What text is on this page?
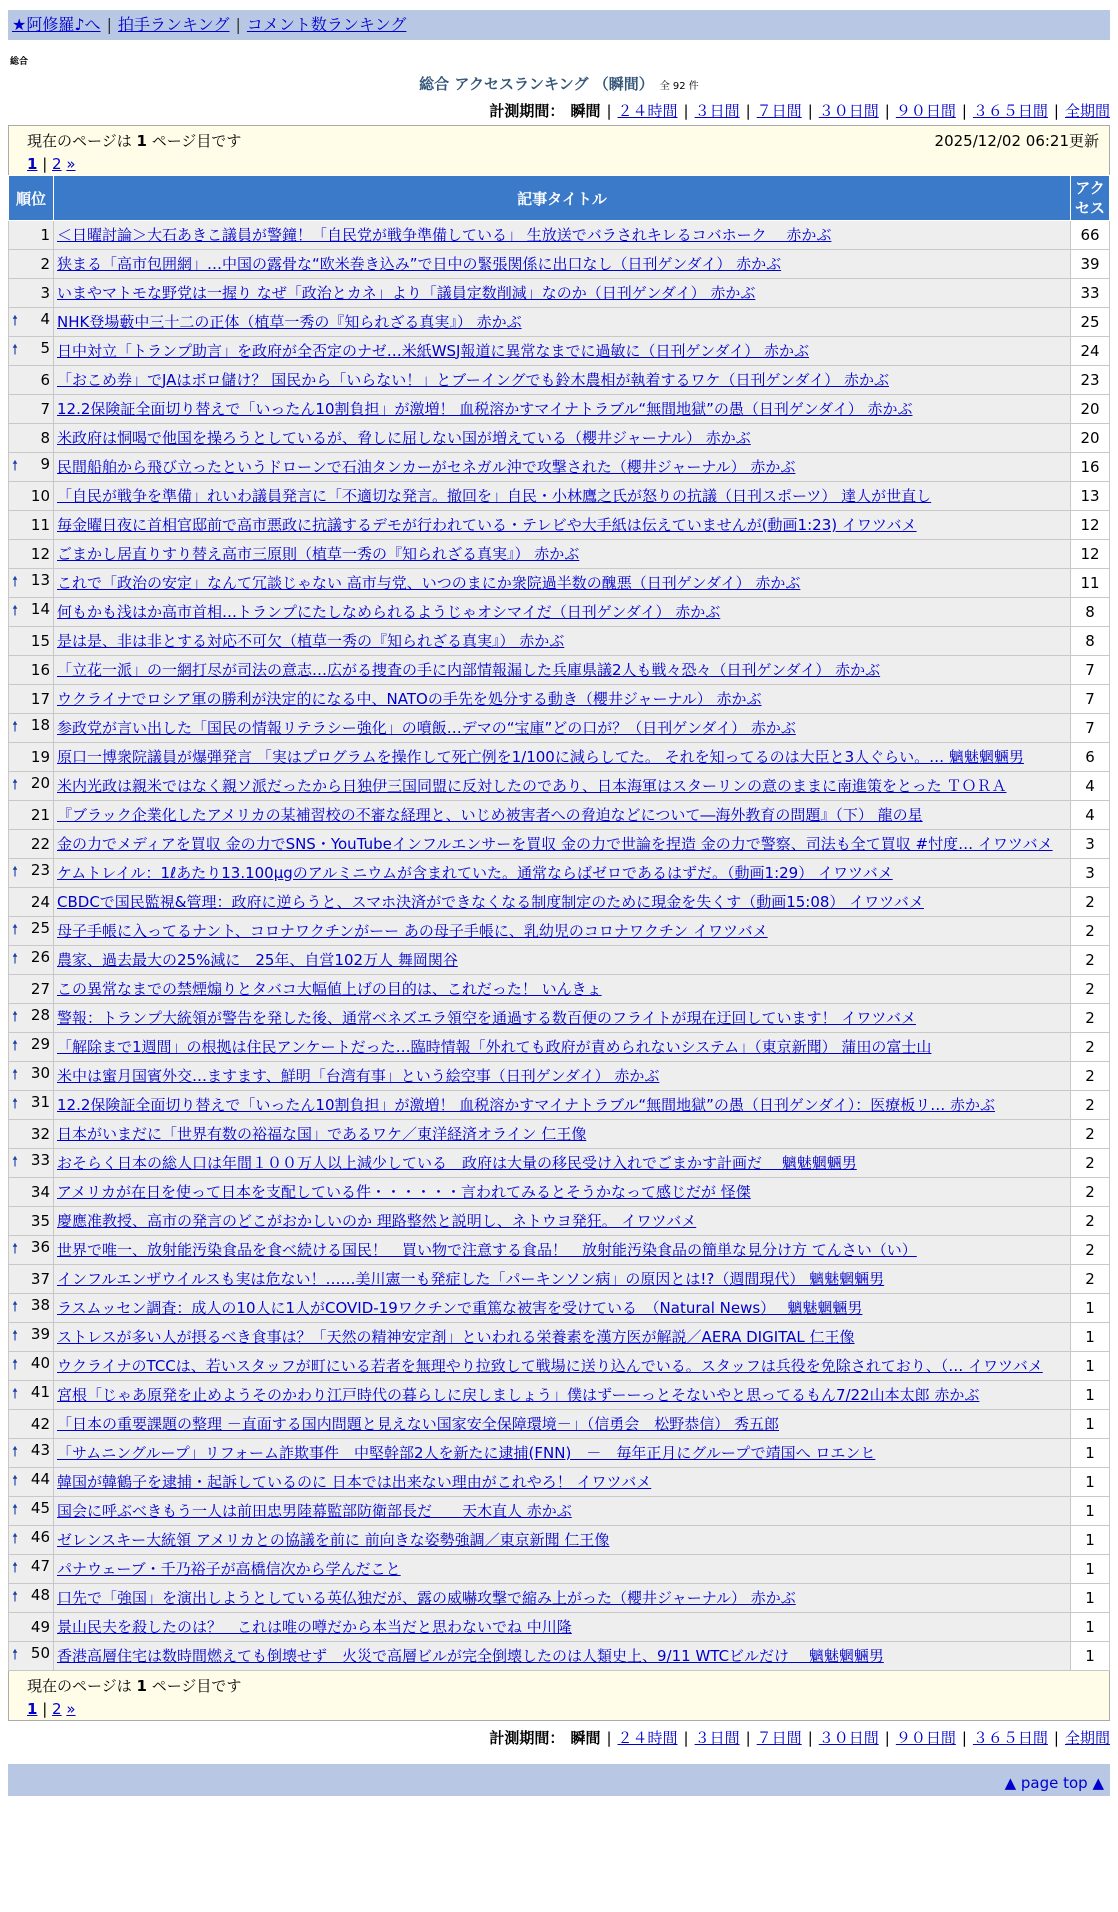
★阿修羅♪へ | 拍手ランキング | コメント数ランキング
総合
総合 アクセスランキング （瞬間） 全 92 件
計測期間： 瞬間 | ２４時間 | ３日間 | ７日間 | ３０日間 | ９０日間 | ３６５日間 | 全期間
現在のページは 1 ページ目です 2025/12/02 06:21更新
1 | 2 »		

順位	記事タイトル	アクセス
1	＜日曜討論＞大石あきこ議員が警鐘！「自民党が戦争準備している」 生放送でバラされキレるコバホーク　 赤かぶ	66
2	狭まる「高市包囲網」…中国の露骨な“欧米巻き込み”で日中の緊張関係に出口なし（日刊ゲンダイ） 赤かぶ	39
3	いまやマトモな野党は一握り なぜ「政治とカネ」より「議員定数削減」なのか（日刊ゲンダイ） 赤かぶ	33

🠕 4	NHK登場藪中三十二の正体（植草一秀の『知られざる真実』） 赤かぶ	25

🠕 5	日中対立「トランプ助言」を政府が全否定のナゼ…米紙WSJ報道に異常なまでに過敏に（日刊ゲンダイ） 赤かぶ	24
6	「おこめ券」でJAはボロ儲け？ 国民から「いらない！」とブーイングでも鈴木農相が執着するワケ（日刊ゲンダイ） 赤かぶ	23
7	12.2保険証全面切り替えで「いったん10割負担」が激増！ 血税溶かすマイナトラブル“無間地獄”の愚（日刊ゲンダイ） 赤かぶ	20
8	米政府は恫喝で他国を操ろうとしているが、脅しに屈しない国が増えている（櫻井ジャーナル） 赤かぶ	20

🠕 9	民間船舶から飛び立ったというドローンで石油タンカーがセネガル沖で攻撃された（櫻井ジャーナル） 赤かぶ	16
10	「自民が戦争を準備」れいわ議員発言に「不適切な発言。撤回を」自民・小林鷹之氏が怒りの抗議（日刊スポーツ） 達人が世直し	13
11	毎金曜日夜に首相官邸前で高市悪政に抗議するデモが行われている・テレビや大手紙は伝えていませんが(動画1:23) イワツバメ	12
12	ごまかし居直りすり替え高市三原則（植草一秀の『知られざる真実』） 赤かぶ	12

🠕 13	これで「政治の安定」なんて冗談じゃない 高市与党、いつのまにか衆院過半数の醜悪（日刊ゲンダイ） 赤かぶ	11

🠕 14	何もかも浅はか高市首相…トランプにたしなめられるようじゃオシマイだ（日刊ゲンダイ） 赤かぶ	8
15	是は是、非は非とする対応不可欠（植草一秀の『知られざる真実』） 赤かぶ	8
16	「立花一派」の一網打尽が司法の意志…広がる捜査の手に内部情報漏した兵庫県議2人も戦々恐々（日刊ゲンダイ） 赤かぶ	7
17	ウクライナでロシア軍の勝利が決定的になる中、NATOの手先を処分する動き（櫻井ジャーナル） 赤かぶ	7

🠕 18	参政党が言い出した「国民の情報リテラシー強化」の噴飯…デマの“宝庫”どの口が？（日刊ゲンダイ） 赤かぶ	7
19	原口一博衆院議員が爆弾発言 「実はプログラムを操作して死亡例を1/100に減らしてた。 それを知ってるのは大臣と3人ぐらい。… 魑魅魍魎男	6

🠕 20	米内光政は親米ではなく親ソ派だったから日独伊三国同盟に反対したのであり、日本海軍はスターリンの意のままに南進策をとった ＴＯＲＡ	4
21	『ブラック企業化したアメリカの某補習校の不審な経理と、いじめ被害者への脅迫などについて―海外教育の問題』（下） 龍の星	4
22	金の力でメディアを買収 金の力でSNS・YouTubeインフルエンサーを買収 金の力で世論を捏造 金の力で警察、司法も全て買収 #忖度… イワツバメ	3

🠕 23	ケムトレイル：1ℓあたり13.100μgのアルミニウムが含まれていた。通常ならばゼロであるはずだ。（動画1:29） イワツバメ	3
24	CBDCで国民監視&管理：政府に逆らうと、スマホ決済ができなくなる制度制定のために現金を失くす（動画15:08） イワツバメ	2

🠕 25	母子手帳に入ってるナント、コロナワクチンがーー あの母子手帳に、乳幼児のコロナワクチン イワツバメ	2

🠕 26	農家、過去最大の25%減に　25年、自営102万人 舞岡関谷	2
27	この異常なまでの禁煙煽りとタバコ大幅値上げの目的は、これだった！ いんきょ	2

🠕 28	警報：トランプ大統領が警告を発した後、通常ベネズエラ領空を通過する数百便のフライトが現在迂回しています！ イワツバメ	2

🠕 29	「解除まで1週間」の根拠は住民アンケートだった…臨時情報「外れても政府が責められないシステム」（東京新聞） 蒲田の富士山	2

🠕 30	米中は蜜月国賓外交…ますます、鮮明「台湾有事」という絵空事（日刊ゲンダイ） 赤かぶ	2

🠕 31	12.2保険証全面切り替えで「いったん10割負担」が激増！ 血税溶かすマイナトラブル“無間地獄”の愚（日刊ゲンダイ）：医療板リ… 赤かぶ	2
32	日本がいまだに「世界有数の裕福な国」であるワケ／東洋経済オライン 仁王像	2

🠕 33	おそらく日本の総人口は年間１００万人以上減少している　政府は大量の移民受け入れでごまかす計画だ　 魑魅魍魎男	2
34	アメリカが在日を使って日本を支配している件・・・・・・言われてみるとそうかなって感じだが 怪傑	2
35	慶應准教授、高市の発言のどこがおかしいのか 理路整然と説明し、ネトウヨ発狂。 イワツバメ	2

🠕 36	世界で唯一、放射能汚染食品を食べ続ける国民！　買い物で注意する食品！　放射能汚染食品の簡単な見分け方 てんさい（い）	2
37	インフルエンザウイルスも実は危ない！……美川憲一も発症した「パーキンソン病」の原因とは!?（週間現代） 魑魅魍魎男	2

🠕 38	ラスムッセン調査：成人の10人に1人がCOVID-19ワクチンで重篤な被害を受けている　（Natural News）　 魑魅魍魎男	1

🠕 39	ストレスが多い人が摂るべき食事は？「天然の精神安定剤」といわれる栄養素を漢方医が解説／AERA DIGITAL 仁王像	1

🠕 40	ウクライナのTCCは、若いスタッフが町にいる若者を無理やり拉致して戦場に送り込んでいる。スタッフは兵役を免除されており、（… イワツバメ	1

🠕 41	宮根「じゃあ原発を止めようそのかわり江戸時代の暮らしに戻しましょう」僕はずーーっとそないやと思ってるもん7/22山本太郎 赤かぶ	1
42	「日本の重要課題の整理 －直面する国内問題と見えない国家安全保障環境－」（信勇会　松野恭信） 秀五郎	1

🠕 43	「サムニングループ」リフォーム詐欺事件　中堅幹部2人を新たに逮捕(FNN)　－　毎年正月にグループで靖国へ ロエンヒ	1

🠕 44	韓国が韓鶴子を逮捕・起訴しているのに 日本では出来ない理由がこれやろ！ イワツバメ	1

🠕 45	国会に呼ぶべきもう一人は前田忠男陸幕監部防衛部長だ　　天木直人 赤かぶ	1

🠕 46	ゼレンスキー大統領 アメリカとの協議を前に 前向きな姿勢強調／東京新聞 仁王像	1

🠕 47	パナウェーブ・千乃裕子が高橋信次から学んだこと	1

🠕 48	口先で「強国」を演出しようとしている英仏独だが、露の威嚇攻撃で縮み上がった（櫻井ジャーナル） 赤かぶ	1
49	景山民夫を殺したのは？　これは唯の噂だから本当だと思わないでね 中川隆	1

🠕 50	香港高層住宅は数時間燃えても倒壊せず　火災で高層ビルが完全倒壊したのは人類史上、9/11 WTCビルだけ　 魑魅魍魎男	1

現在のページは 1 ページ目です
1 | 2 »		
計測期間： 瞬間 | ２４時間 | ３日間 | ７日間 | ３０日間 | ９０日間 | ３６５日間 | 全期間
▲ page top ▲
